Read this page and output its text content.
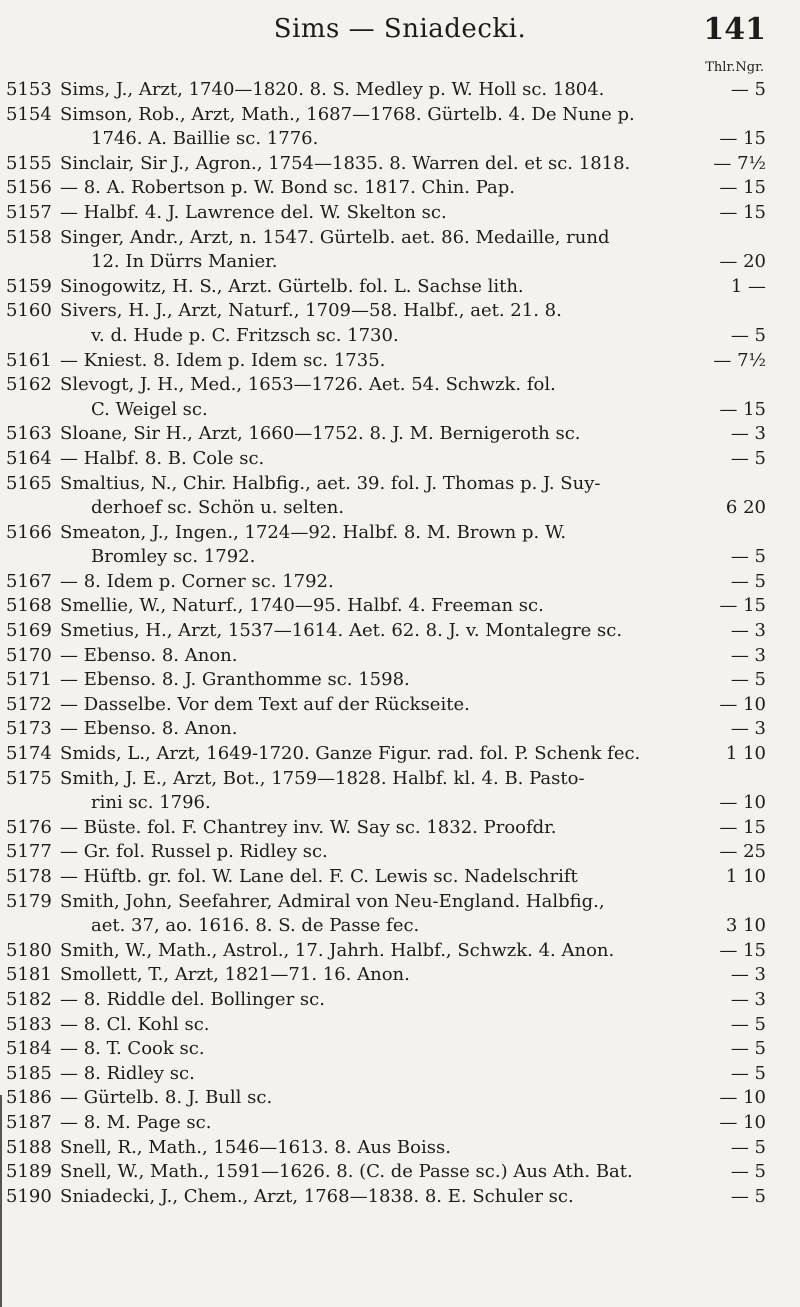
Sims — Sniadecki.	141
Thlr.Ngr.
5153 Sims, J., Arzt, 1740—1820. 8. S. Medley p. W. Holl sc. 1804.	— 5
5154 Simson, Rob., Arzt, Math., 1687—1768. Gürtelb. 4. De Nune p.
1746. A. Baillie sc. 1776.	— 15
5155 Sinclair, Sir J., Agron., 1754—1835. 8. Warren del. et sc. 1818.	— 7½
5156 — 8. A. Robertson p. W. Bond sc. 1817. Chin. Pap.	— 15
5157 — Halbf. 4. J. Lawrence del. W. Skelton sc.	— 15
5158 Singer, Andr., Arzt, n. 1547. Gürtelb. aet. 86. Medaille, rund
12. In Dürrs Manier.	— 20
5159 Sinogowitz, H. S., Arzt. Gürtelb. fol. L. Sachse lith.	1 —
5160 Sivers, H. J., Arzt, Naturf., 1709—58. Halbf., aet. 21. 8.
v. d. Hude p. C. Fritzsch sc. 1730.	— 5
5161 — Kniest. 8. Idem p. Idem sc. 1735.	— 7½
5162 Slevogt, J. H., Med., 1653—1726. Aet. 54. Schwzk. fol.
C. Weigel sc.	— 15
5163 Sloane, Sir H., Arzt, 1660—1752. 8. J. M. Bernigeroth sc.	— 3
5164 — Halbf. 8. B. Cole sc.	— 5
5165 Smaltius, N., Chir. Halbfig., aet. 39. fol. J. Thomas p. J. Suy-
derhoef sc. Schön u. selten.	6 20
5166 Smeaton, J., Ingen., 1724—92. Halbf. 8. M. Brown p. W.
Bromley sc. 1792.	— 5
5167 — 8. Idem p. Corner sc. 1792.	— 5
5168 Smellie, W., Naturf., 1740—95. Halbf. 4. Freeman sc.	— 15
5169 Smetius, H., Arzt, 1537—1614. Aet. 62. 8. J. v. Montalegre sc.	— 3
5170 — Ebenso. 8. Anon.	— 3
5171 — Ebenso. 8. J. Granthomme sc. 1598.	— 5
5172 — Dasselbe. Vor dem Text auf der Rückseite.	— 10
5173 — Ebenso. 8. Anon.	— 3
5174 Smids, L., Arzt, 1649-1720. Ganze Figur. rad. fol. P. Schenk fec.	1 10
5175 Smith, J. E., Arzt, Bot., 1759—1828. Halbf. kl. 4. B. Pasto-
rini sc. 1796.	— 10
5176 — Büste. fol. F. Chantrey inv. W. Say sc. 1832. Proofdr.	— 15
5177 — Gr. fol. Russel p. Ridley sc.	— 25
5178 — Hüftb. gr. fol. W. Lane del. F. C. Lewis sc. Nadelschrift	1 10
5179 Smith, John, Seefahrer, Admiral von Neu-England. Halbfig.,
aet. 37, ao. 1616. 8. S. de Passe fec.	3 10
5180 Smith, W., Math., Astrol., 17. Jahrh. Halbf., Schwzk. 4. Anon.	— 15
5181 Smollett, T., Arzt, 1821—71. 16. Anon.	— 3
5182 — 8. Riddle del. Bollinger sc.	— 3
5183 — 8. Cl. Kohl sc.	— 5
5184 — 8. T. Cook sc.	— 5
5185 — 8. Ridley sc.	— 5
5186 — Gürtelb. 8. J. Bull sc.	— 10
5187 — 8. M. Page sc.	— 10
5188 Snell, R., Math., 1546—1613. 8. Aus Boiss.	— 5
5189 Snell, W., Math., 1591—1626. 8. (C. de Passe sc.) Aus Ath. Bat.	— 5
5190 Sniadecki, J., Chem., Arzt, 1768—1838. 8. E. Schuler sc.	— 5
